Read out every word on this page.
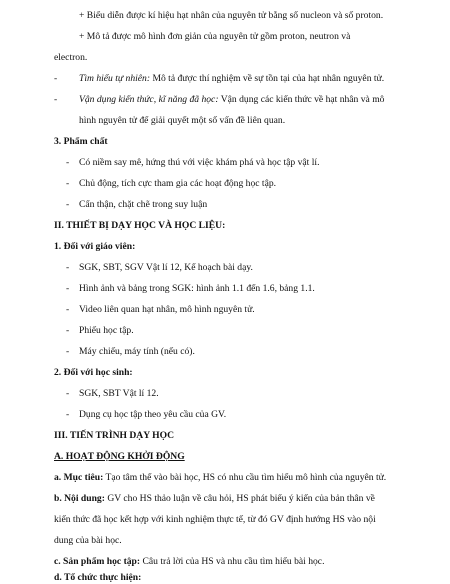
+ Biểu diễn được kí hiệu hạt nhân của nguyên tử bằng số nucleon và số proton.
+ Mô tả được mô hình đơn giản của nguyên tử gồm proton, neutron và
electron.
- Tìm hiểu tự nhiên: Mô tả được thí nghiệm về sự tồn tại của hạt nhân nguyên tử.
- Vận dụng kiến thức, kĩ năng đã học: Vận dụng các kiến thức về hạt nhân và mô
hình nguyên tử để giải quyết một số vấn đề liên quan.
3. Phẩm chất
- Có niềm say mê, hứng thú với việc khám phá và học tập vật lí.
- Chủ động, tích cực tham gia các hoạt động học tập.
- Cẩn thận, chặt chẽ trong suy luận
II. THIẾT BỊ DẠY HỌC VÀ HỌC LIỆU:
1. Đối với giáo viên:
- SGK, SBT, SGV Vật lí 12, Kế hoạch bài dạy.
- Hình ảnh và bảng trong SGK: hình ảnh 1.1 đến 1.6, bảng 1.1.
- Video liên quan hạt nhân, mô hình nguyên tử.
- Phiếu học tập.
- Máy chiếu, máy tính (nếu có).
2. Đối với học sinh:
- SGK, SBT Vật lí 12.
- Dụng cụ học tập theo yêu cầu của GV.
III. TIẾN TRÌNH DẠY HỌC
A. HOẠT ĐỘNG KHỞI ĐỘNG
a. Mục tiêu: Tạo tâm thế vào bài học, HS có nhu cầu tìm hiểu mô hình của nguyên tử.
b. Nội dung: GV cho HS thảo luận về câu hỏi, HS phát biểu ý kiến của bản thân về
kiến thức đã học kết hợp với kinh nghiệm thực tế, từ đó GV định hướng HS vào nội
dung của bài học.
c. Sản phẩm học tập: Câu trả lời của HS và nhu cầu tìm hiểu bài học.
d. Tổ chức thực hiện:
